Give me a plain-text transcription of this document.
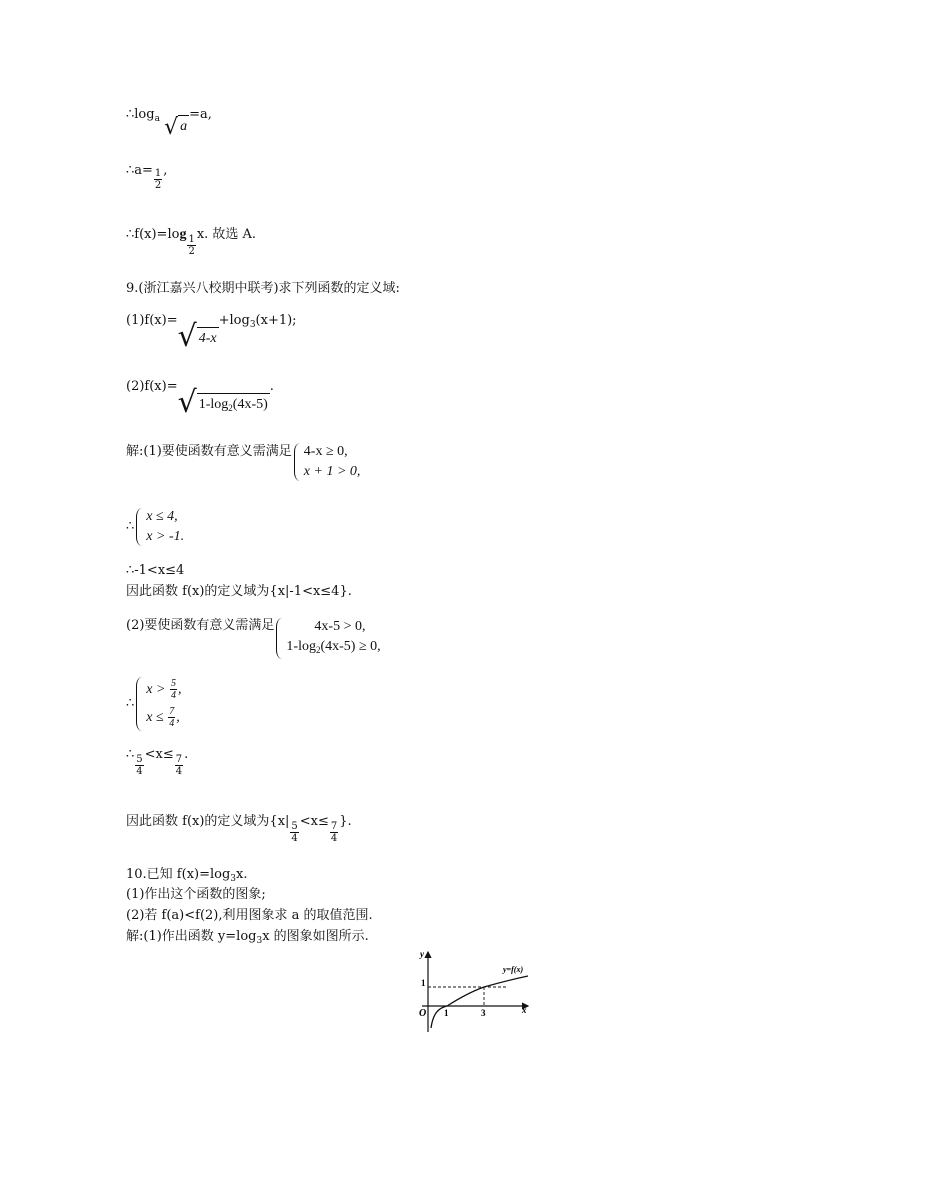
$\therefore\log_a$ √ a=a,
∴a= $\frac{1}{2}$ ,
∴f(x)=log $\frac{1}{2} x$. 故选 A.
9.(浙江嘉兴八校期中联考)求下列函数的定义域:
(1)f(x)=√ $4-x+\log_3(x+1)$;
(2)f(x)=√ $1-\log_2(4x-5)$.
解:(1)要使函数有意义需满足 4-x ≥ 0,
x + 1 > 0,
∴
x ≤ 4,
x > -1.
∴-1<x≤4
因此函数 f(x)的定义域为{x|-1<x≤4}.
(2)要使函数有意义需满足	4x-5 > 0,
$1-\log_2(4x-5) \ge 0$,
∴
$x > \frac{5}{4}$ ,
$x \le \frac{7}{4}$ ,
∴ $\frac{5}{4} <x\le \frac{7}{4}$ .
因此函数 f(x)的定义域为{$x| \frac{5}{4} <x\le \frac{7}{4}$ }.
10.已知 $f(x)=\log_3x$.
(1)作出这个函数的图象;
(2)若 f(a)<f(2),利用图象求 a 的取值范围.
解:(1)作出函数 $y=\log_3x$ 的图象如图所示.
y
x
O 1	3
1
y=f(x)
